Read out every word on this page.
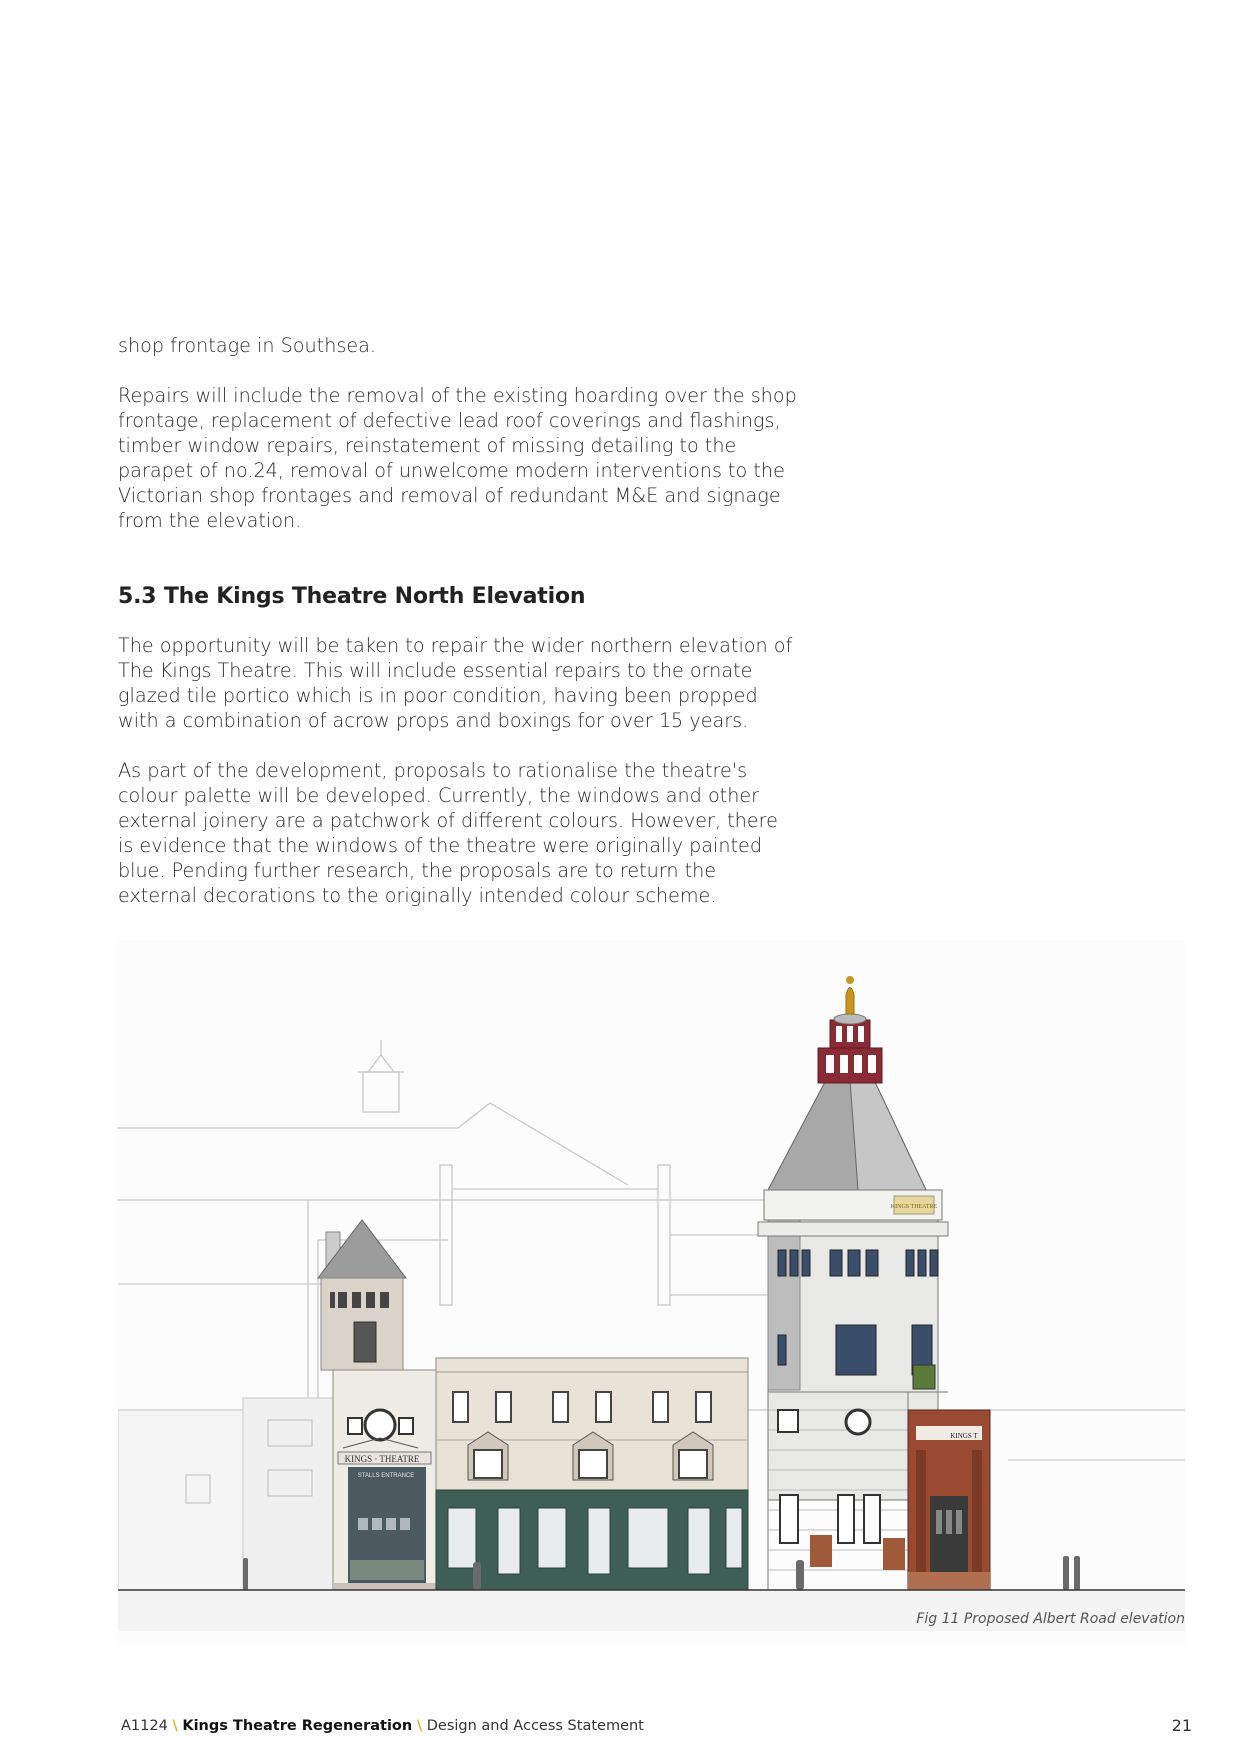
shop frontage in Southsea.

Repairs will include the removal of the existing hoarding over the shop frontage, replacement of defective lead roof coverings and flashings, timber window repairs, reinstatement of missing detailing to the parapet of no.24, removal of unwelcome modern interventions to the Victorian shop frontages and removal of redundant M&E and signage from the elevation.

5.3 The Kings Theatre North Elevation

The opportunity will be taken to repair the wider northern elevation of The Kings Theatre. This will include essential repairs to the ornate glazed tile portico which is in poor condition, having been propped with a combination of acrow props and boxings for over 15 years.

As part of the development, proposals to rationalise the theatre's colour palette will be developed. Currently, the windows and other external joinery are a patchwork of different colours. However, there is evidence that the windows of the theatre were originally painted blue. Pending further research, the proposals are to return the external decorations to the originally intended colour scheme.

KINGS · THEATRE
STALLS ENTRANCE
KINGS THEATRE
KINGS T
Fig 11 Proposed Albert Road elevation
A1124 \ Kings Theatre Regeneration \ Design and Access Statement	21
